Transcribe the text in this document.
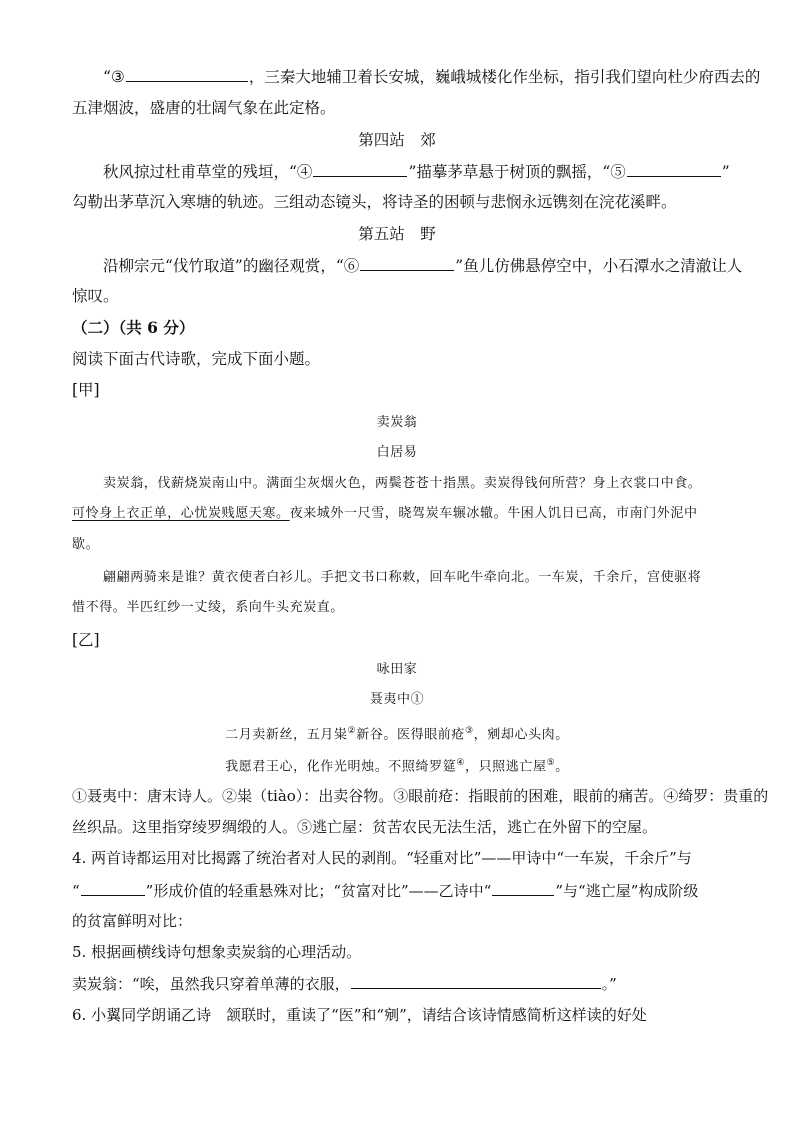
“③	，三秦大地辅卫着长安城，巍峨城楼化作坐标，指引我们望向杜少府西去的
五津烟波，盛唐的壮阔气象在此定格。
第四站　郊
秋风掠过杜甫草堂的残垣，“④	”描摹茅草悬于树顶的飘摇，“⑤	”
勾勒出茅草沉入寒塘的轨迹。三组动态镜头，将诗圣的困顿与悲悯永远镌刻在浣花溪畔。
第五站　野
沿柳宗元“伐竹取道”的幽径观赏，“⑥	”鱼儿仿佛悬停空中，小石潭水之清澈让人
惊叹。
（二）（共 6 分）
阅读下面古代诗歌，完成下面小题。
[甲]
卖炭翁
白居易
卖炭翁，伐薪烧炭南山中。满面尘灰烟火色，两鬓苍苍十指黑。卖炭得钱何所营？身上衣裳口中食。
可怜身上衣正单，心忧炭贱愿天寒。夜来城外一尺雪，晓驾炭车辗冰辙。牛困人饥日已高，市南门外泥中
歇。
翩翩两骑来是谁？黄衣使者白衫儿。手把文书口称敕，回车叱牛牵向北。一车炭，千余斤，宫使驱将
惜不得。半匹红纱一丈绫，系向牛头充炭直。
[乙]
咏田家
聂夷中①
二月卖新丝，五月粜②新谷。医得眼前疮③，剜却心头肉。
我愿君王心，化作光明烛。不照绮罗筵④，只照逃亡屋⑤。
①聂夷中：唐末诗人。②粜（tiào）：出卖谷物。③眼前疮：指眼前的困难，眼前的痛苦。④绮罗：贵重的
丝织品。这里指穿绫罗绸缎的人。⑤逃亡屋：贫苦农民无法生活，逃亡在外留下的空屋。
4. 两首诗都运用对比揭露了统治者对人民的剥削。“轻重对比”——甲诗中“一车炭，千余斤”与
“	”形成价值的轻重悬殊对比；“贫富对比”——乙诗中“	”与“逃亡屋”构成阶级
的贫富鲜明对比：
5. 根据画横线诗句想象卖炭翁的心理活动。
卖炭翁：“唉，虽然我只穿着单薄的衣服，	。”
6. 小翼同学朗诵乙诗　颔联时，重读了“医”和“剜”，请结合该诗情感简析这样读的好处
